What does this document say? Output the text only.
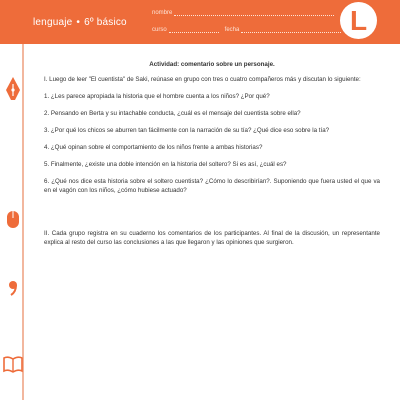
lenguaje • 6º básico
nombre
curso	fecha	L
Actividad: comentario sobre un personaje.

I. Luego de leer "El cuentista" de Saki, reúnase en grupo con tres o cuatro compañeros más y discutan lo siguiente:

1. ¿Les parece apropiada la historia que el hombre cuenta a los niños? ¿Por qué?

2. Pensando en Berta y su intachable conducta, ¿cuál es el mensaje del cuentista sobre ella?

3. ¿Por qué los chicos se aburren tan fácilmente con la narración de su tía? ¿Qué dice eso sobre la tía?

4. ¿Qué opinan sobre el comportamiento de los niños frente a ambas historias?

5. Finalmente, ¿existe una doble intención en la historia del soltero? Si es así, ¿cuál es?

6. ¿Qué nos dice esta historia sobre el soltero cuentista? ¿Cómo lo describirían?. Suponiendo que fuera usted el que va en el vagón con los niños, ¿cómo hubiese actuado?

II. Cada grupo registra en su cuaderno los comentarios de los participantes. Al final de la discusión, un representante explica al resto del curso las conclusiones a las que llegaron y las opiniones que surgieron.
